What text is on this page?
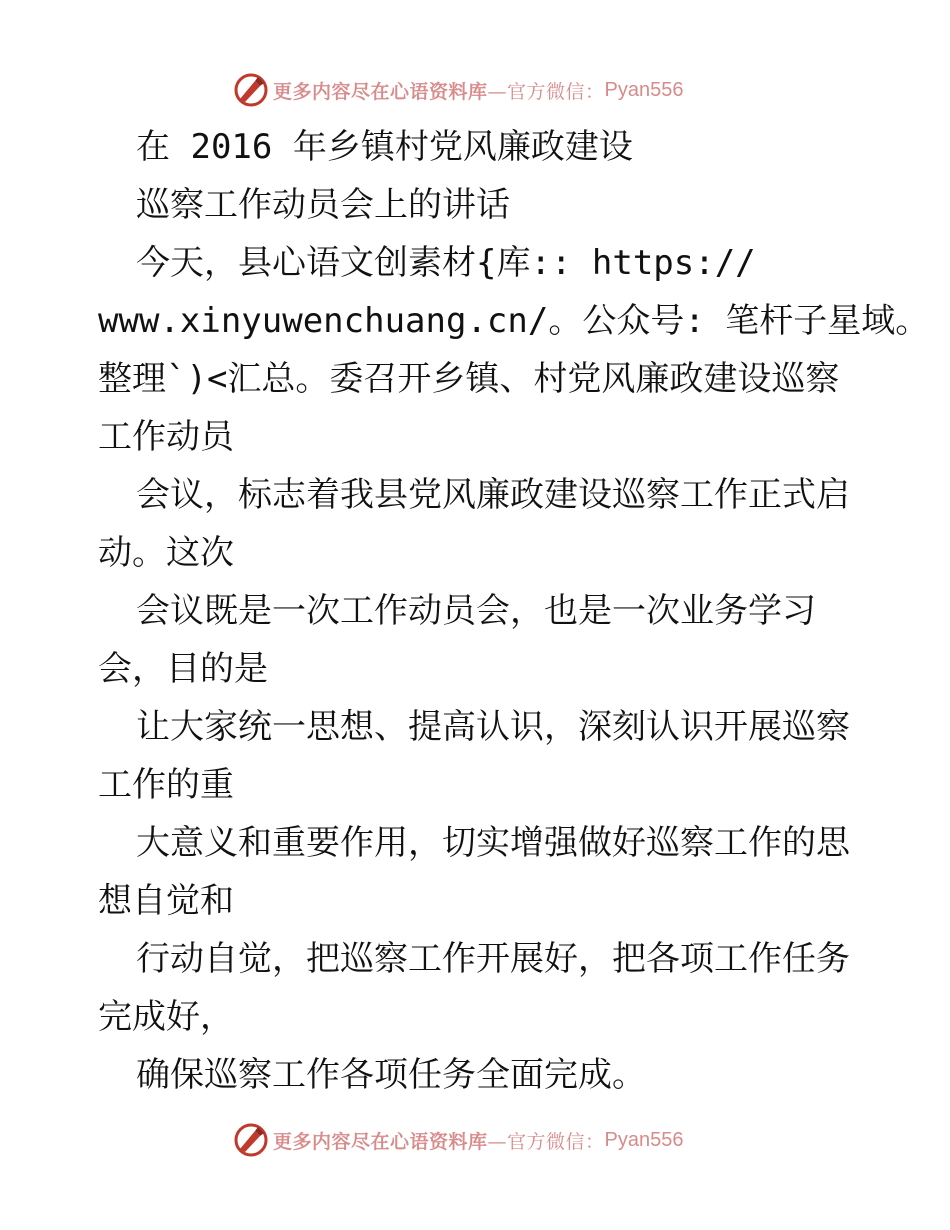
更多内容尽在心语资料库 —官方微信： Pyan556
在 2016 年乡镇村党风廉政建设
巡察工作动员会上的讲话
今天，县心语文创素材{库:: https://
www.xinyuwenchuang.cn/。公众号: 笔杆子星域。
整理`)<汇总。委召开乡镇、村党风廉政建设巡察
工作动员
会议，标志着我县党风廉政建设巡察工作正式启
动。这次
会议既是一次工作动员会，也是一次业务学习
会，目的是
让大家统一思想、提高认识，深刻认识开展巡察
工作的重
大意义和重要作用，切实增强做好巡察工作的思
想自觉和
行动自觉，把巡察工作开展好，把各项工作任务
完成好，
确保巡察工作各项任务全面完成。
更多内容尽在心语资料库 —官方微信： Pyan556
